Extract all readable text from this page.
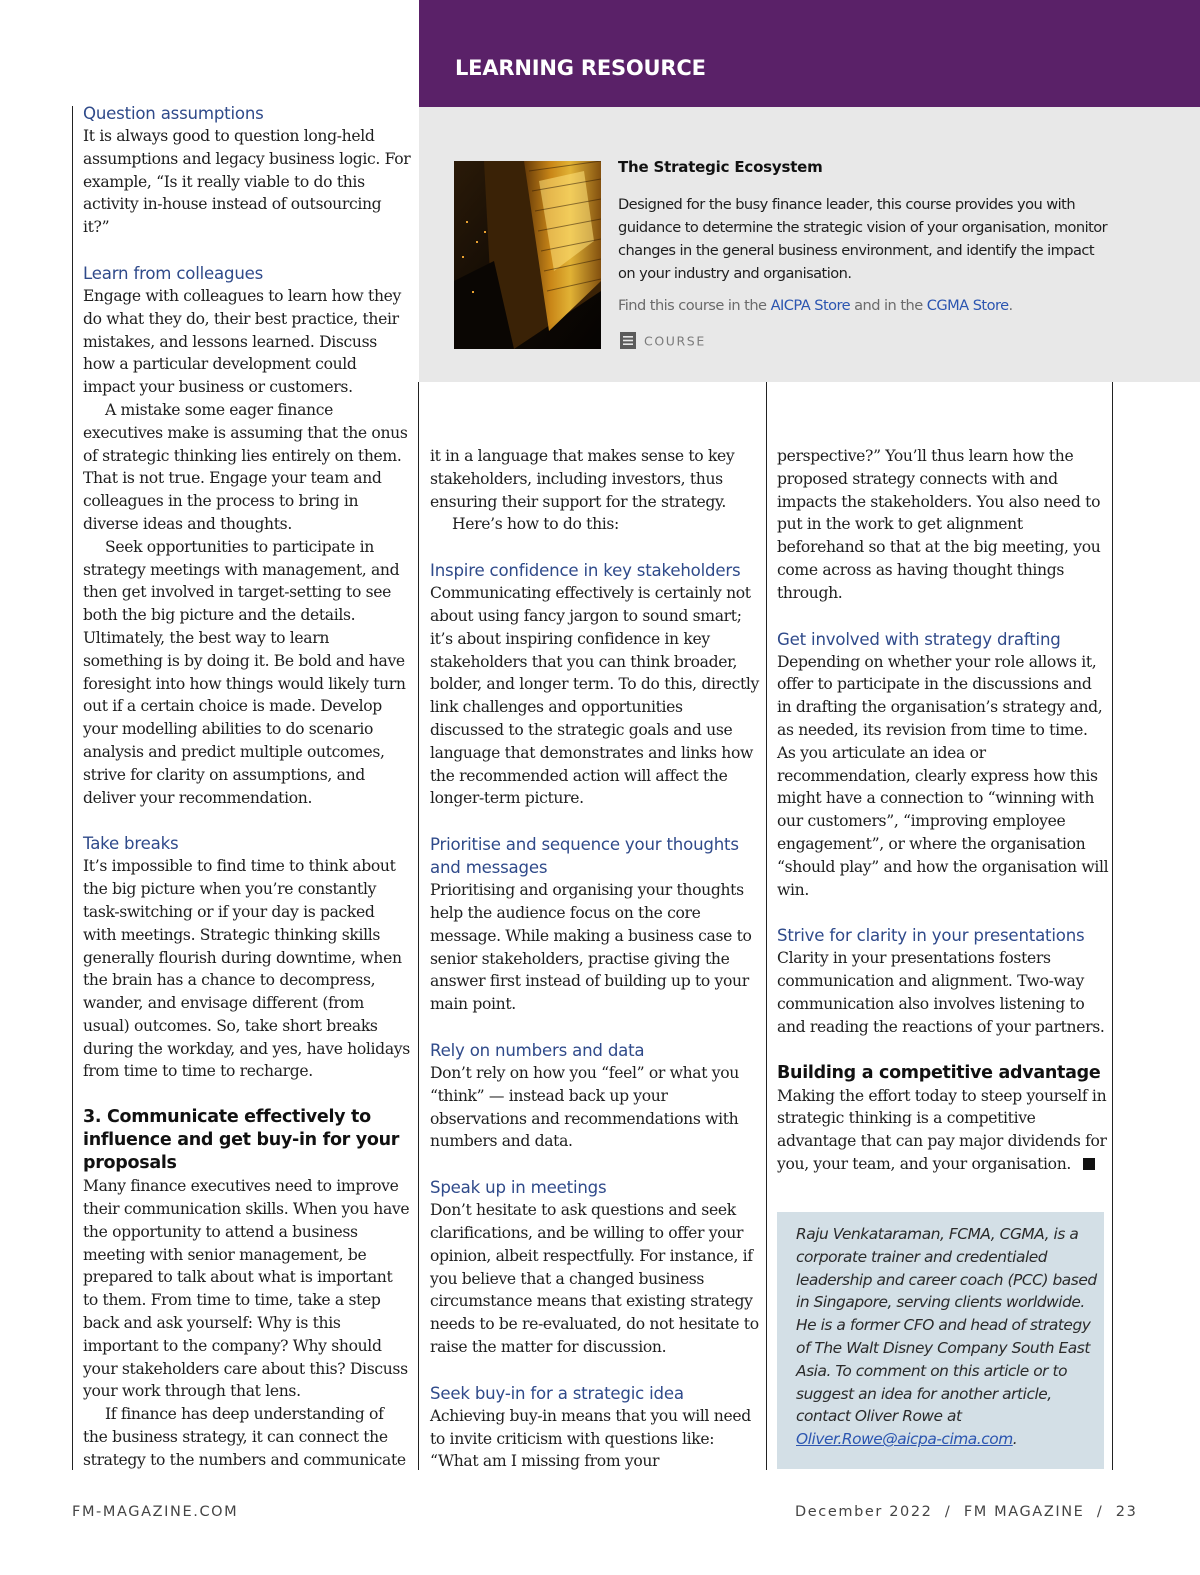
LEARNING RESOURCE
The Strategic Ecosystem
Designed for the busy finance leader, this course provides you with guidance to determine the strategic vision of your organisation, monitor changes in the general business environment, and identify the impact on your industry and organisation.
Find this course in the AICPA Store and in the CGMA Store.
COURSE
Question assumptions

It is always good to question long-held assumptions and legacy business logic. For example, “Is it really viable to do this activity in-house instead of outsourcing it?”

Learn from colleagues

Engage with colleagues to learn how they do what they do, their best practice, their mistakes, and lessons learned. Discuss how a particular development could impact your business or customers.

A mistake some eager finance executives make is assuming that the onus of strategic thinking lies entirely on them. That is not true. Engage your team and colleagues in the process to bring in diverse ideas and thoughts.

Seek opportunities to participate in strategy meetings with management, and then get involved in target-setting to see both the big picture and the details. Ultimately, the best way to learn something is by doing it. Be bold and have foresight into how things would likely turn out if a certain choice is made. Develop your modelling abilities to do scenario analysis and predict multiple outcomes, strive for clarity on assumptions, and deliver your recommendation.

Take breaks

It’s impossible to find time to think about the big picture when you’re constantly task-switching or if your day is packed with meetings. Strategic thinking skills generally flourish during downtime, when the brain has a chance to decompress, wander, and envisage different (from usual) outcomes. So, take short breaks during the workday, and yes, have holidays from time to time to recharge.

3. Communicate effectively to influence and get buy-in for your proposals

Many finance executives need to improve their communication skills. When you have the opportunity to attend a business meeting with senior management, be prepared to talk about what is important to them. From time to time, take a step back and ask yourself: Why is this important to the company? Why should your stakeholders care about this? Discuss your work through that lens.

If finance has deep understanding of the business strategy, it can connect the strategy to the numbers and communicate

it in a language that makes sense to key stakeholders, including investors, thus ensuring their support for the strategy.

Here’s how to do this:

Inspire confidence in key stakeholders

Communicating effectively is certainly not about using fancy jargon to sound smart; it’s about inspiring confidence in key stakeholders that you can think broader, bolder, and longer term. To do this, directly link challenges and opportunities discussed to the strategic goals and use language that demonstrates and links how the recommended action will affect the longer-term picture.

Prioritise and sequence your thoughts and messages

Prioritising and organising your thoughts help the audience focus on the core message. While making a business case to senior stakeholders, practise giving the answer first instead of building up to your main point.

Rely on numbers and data

Don’t rely on how you “feel” or what you “think” — instead back up your observations and recommendations with numbers and data.

Speak up in meetings

Don’t hesitate to ask questions and seek clarifications, and be willing to offer your opinion, albeit respectfully. For instance, if you believe that a changed business circumstance means that existing strategy needs to be re-evaluated, do not hesitate to raise the matter for discussion.

Seek buy-in for a strategic idea

Achieving buy-in means that you will need to invite criticism with questions like: “What am I missing from your

perspective?” You’ll thus learn how the proposed strategy connects with and impacts the stakeholders. You also need to put in the work to get alignment beforehand so that at the big meeting, you come across as having thought things through.

Get involved with strategy drafting

Depending on whether your role allows it, offer to participate in the discussions and in drafting the organisation’s strategy and, as needed, its revision from time to time. As you articulate an idea or recommendation, clearly express how this might have a connection to “winning with our customers”, “improving employee engagement”, or where the organisation “should play” and how the organisation will win.

Strive for clarity in your presentations

Clarity in your presentations fosters communication and alignment. Two-way communication also involves listening to and reading the reactions of your partners.

Building a competitive advantage

Making the effort today to steep yourself in strategic thinking is a competitive advantage that can pay major dividends for you, your team, and your organisation.

Raju Venkataraman, FCMA, CGMA, is a corporate trainer and credentialed leadership and career coach (PCC) based in Singapore, serving clients worldwide. He is a former CFO and head of strategy of The Walt Disney Company South East Asia. To comment on this article or to suggest an idea for another article, contact Oliver Rowe at Oliver.Rowe@aicpa-cima.com.
FM-MAGAZINE.COM	December 2022  /  FM MAGAZINE  /  23
